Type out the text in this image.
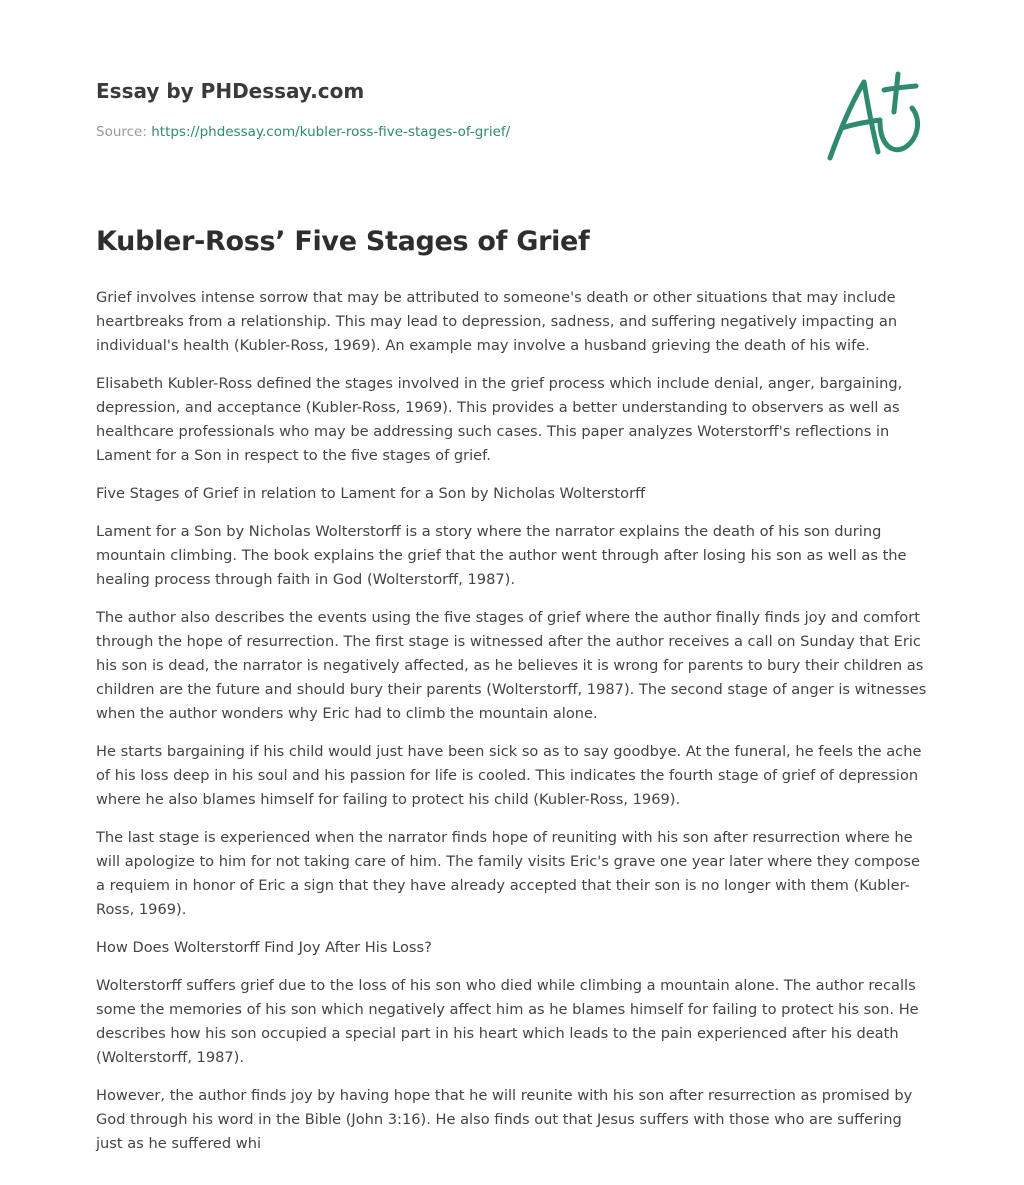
Essay by PHDessay.com
Source: https://phdessay.com/kubler-ross-five-stages-of-grief/
Kubler-Ross’ Five Stages of Grief

Grief involves intense sorrow that may be attributed to someone's death or other situations that may include heartbreaks from a relationship. This may lead to depression, sadness, and suffering negatively impacting an individual's health (Kubler-Ross, 1969). An example may involve a husband grieving the death of his wife.

Elisabeth Kubler-Ross defined the stages involved in the grief process which include denial, anger, bargaining, depression, and acceptance (Kubler-Ross, 1969). This provides a better understanding to observers as well as healthcare professionals who may be addressing such cases. This paper analyzes Woterstorff's reflections in Lament for a Son in respect to the five stages of grief.

Five Stages of Grief in relation to Lament for a Son by Nicholas Wolterstorff

Lament for a Son by Nicholas Wolterstorff is a story where the narrator explains the death of his son during mountain climbing. The book explains the grief that the author went through after losing his son as well as the healing process through faith in God (Wolterstorff, 1987).

The author also describes the events using the five stages of grief where the author finally finds joy and comfort through the hope of resurrection. The first stage is witnessed after the author receives a call on Sunday that Eric his son is dead, the narrator is negatively affected, as he believes it is wrong for parents to bury their children as children are the future and should bury their parents (Wolterstorff, 1987). The second stage of anger is witnesses when the author wonders why Eric had to climb the mountain alone.

He starts bargaining if his child would just have been sick so as to say goodbye. At the funeral, he feels the ache of his loss deep in his soul and his passion for life is cooled. This indicates the fourth stage of grief of depression where he also blames himself for failing to protect his child (Kubler-Ross, 1969).

The last stage is experienced when the narrator finds hope of reuniting with his son after resurrection where he will apologize to him for not taking care of him. The family visits Eric's grave one year later where they compose a requiem in honor of Eric a sign that they have already accepted that their son is no longer with them (Kubler-Ross, 1969).

How Does Wolterstorff Find Joy After His Loss?

Wolterstorff suffers grief due to the loss of his son who died while climbing a mountain alone. The author recalls some the memories of his son which negatively affect him as he blames himself for failing to protect his son. He describes how his son occupied a special part in his heart which leads to the pain experienced after his death (Wolterstorff, 1987).

However, the author finds joy by having hope that he will reunite with his son after resurrection as promised by God through his word in the Bible (John 3:16). He also finds out that Jesus suffers with those who are suffering just as he suffered whi
